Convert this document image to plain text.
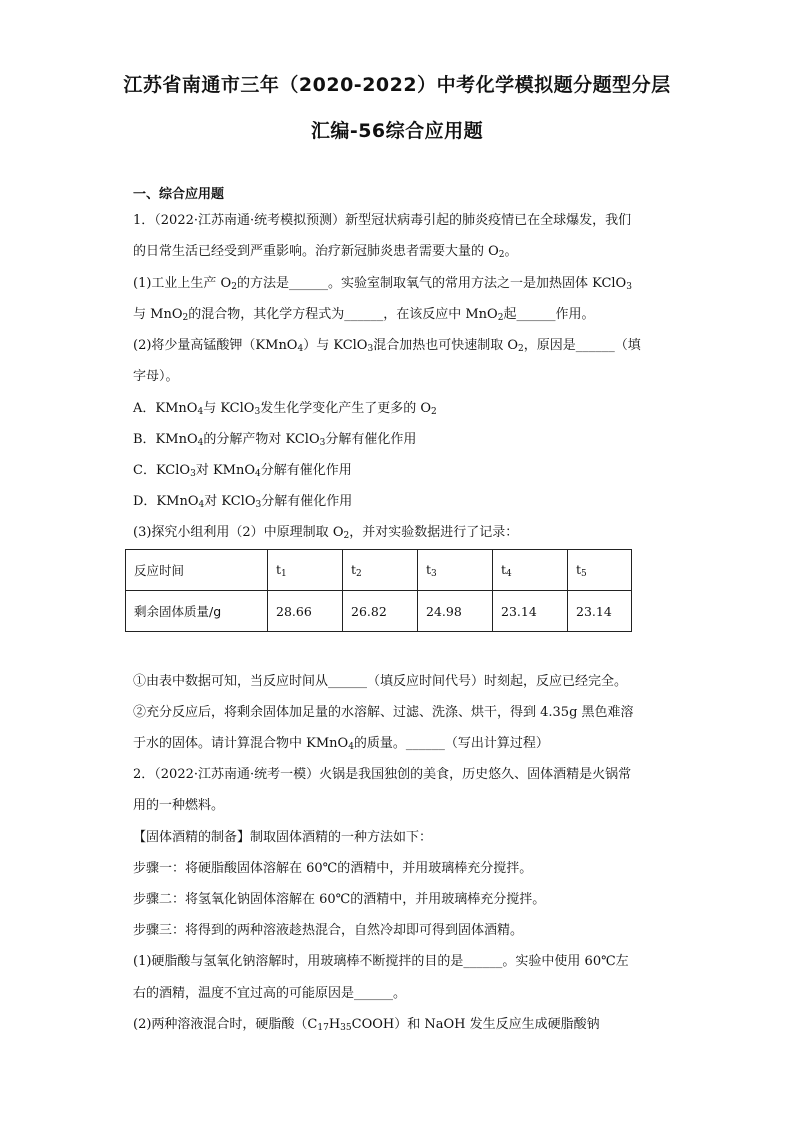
江苏省南通市三年（2020-2022）中考化学模拟题分题型分层
汇编-56综合应用题
一、综合应用题
1．（2022·江苏南通·统考模拟预测）新型冠状病毒引起的肺炎疫情已在全球爆发，我们
的日常生活已经受到严重影响。治疗新冠肺炎患者需要大量的 $O_2$。
(1)工业上生产 $O_2$的方法是______。实验室制取氧气的常用方法之一是加热固体 KClO$_3$
与 MnO$_2$的混合物，其化学方程式为______，在该反应中 MnO$_2$起______作用。
(2)将少量高锰酸钾（KMnO$_4$）与 KClO$_3$混合加热也可快速制取 $O_2$，原因是______（填
字母）。
A．KMnO$_4$与 KClO$_3$发生化学变化产生了更多的 $O_2$
B．KMnO$_4$的分解产物对 KClO$_3$分解有催化作用
C．KClO$_3$对 KMnO$_4$分解有催化作用
D．KMnO$_4$对 KClO$_3$分解有催化作用
(3)探究小组利用（2）中原理制取 $O_2$，并对实验数据进行了记录：
反应时间	$t_1$	$t_2$	$t_3$	$t_4$	$t_5$
剩余固体质量/g	28.66	26.82	24.98	23.14	23.14
①由表中数据可知，当反应时间从______（填反应时间代号）时刻起，反应已经完全。
②充分反应后，将剩余固体加足量的水溶解、过滤、洗涤、烘干，得到 4.35g 黑色难溶
于水的固体。请计算混合物中 KMnO$_4$的质量。______（写出计算过程）
2．（2022·江苏南通·统考一模）火锅是我国独创的美食，历史悠久、固体酒精是火锅常
用的一种燃料。
【固体酒精的制备】制取固体酒精的一种方法如下：
步骤一：将硬脂酸固体溶解在 60℃的酒精中，并用玻璃棒充分搅拌。
步骤二：将氢氧化钠固体溶解在 60℃的酒精中，并用玻璃棒充分搅拌。
步骤三：将得到的两种溶液趁热混合，自然冷却即可得到固体酒精。
(1)硬脂酸与氢氧化钠溶解时，用玻璃棒不断搅拌的目的是______。实验中使用 60℃左
右的酒精，温度不宜过高的可能原因是______。
(2)两种溶液混合时，硬脂酸$(C_{17}H_{35}COOH)$和 NaOH 发生反应生成硬脂酸钠
